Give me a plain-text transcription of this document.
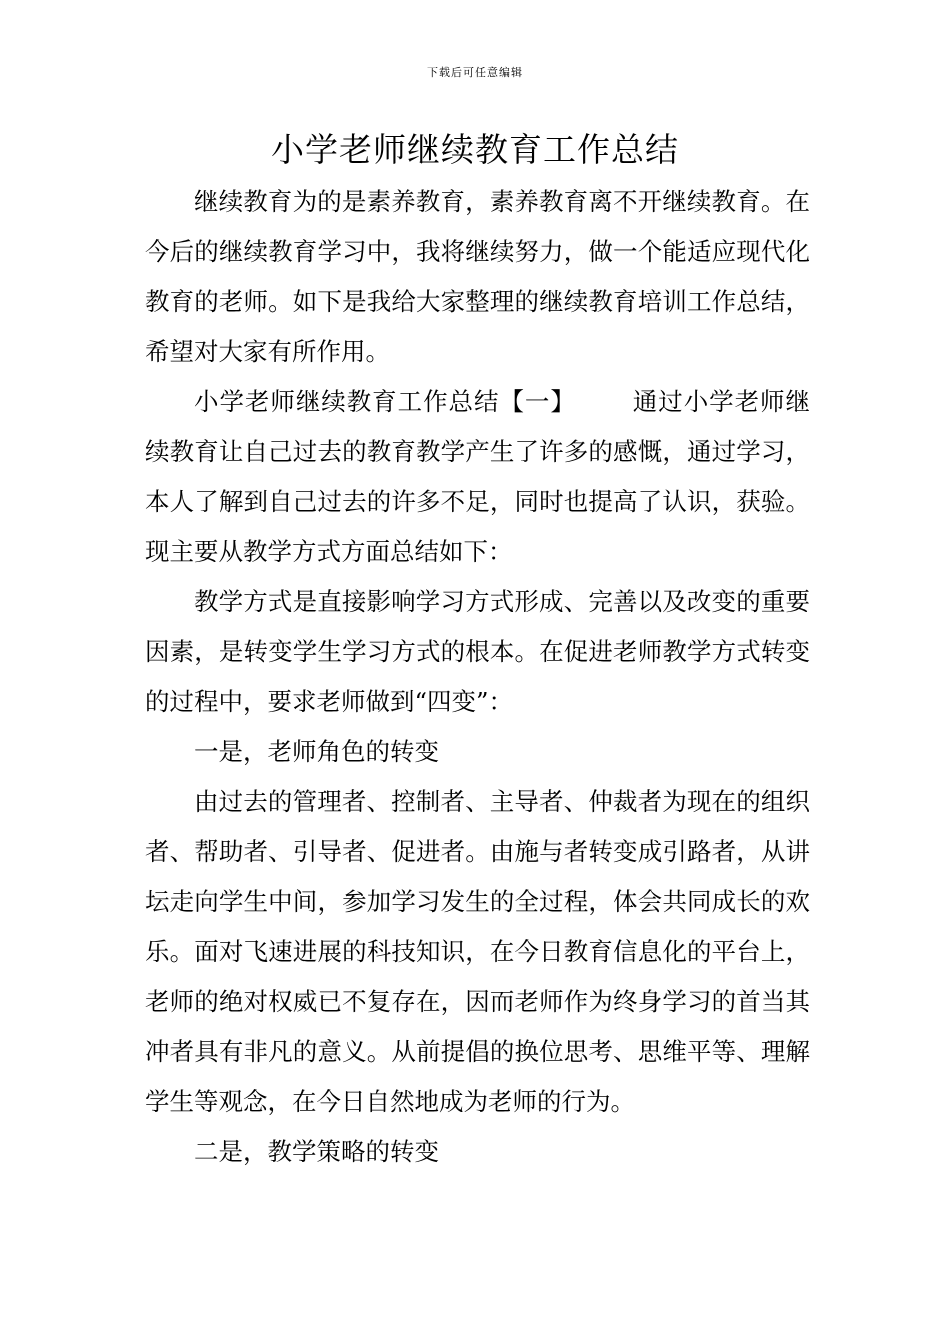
下载后可任意编辑
小学老师继续教育工作总结

继续教育为的是素养教育，素养教育离不开继续教育。在今后的继续教育学习中，我将继续努力，做一个能适应现代化教育的老师。如下是我给大家整理的继续教育培训工作总结，希望对大家有所作用。

小学老师继续教育工作总结【一】 通过小学老师继续教育让自己过去的教育教学产生了许多的感慨，通过学习，本人了解到自己过去的许多不足，同时也提高了认识，获验。现主要从教学方式方面总结如下：

教学方式是直接影响学习方式形成、完善以及改变的重要因素，是转变学生学习方式的根本。在促进老师教学方式转变的过程中，要求老师做到“四变”：

一是，老师角色的转变

由过去的管理者、控制者、主导者、仲裁者为现在的组织者、帮助者、引导者、促进者。由施与者转变成引路者，从讲坛走向学生中间，参加学习发生的全过程，体会共同成长的欢乐。面对飞速进展的科技知识，在今日教育信息化的平台上，老师的绝对权威已不复存在，因而老师作为终身学习的首当其冲者具有非凡的意义。从前提倡的换位思考、思维平等、理解学生等观念，在今日自然地成为老师的行为。

二是，教学策略的转变
